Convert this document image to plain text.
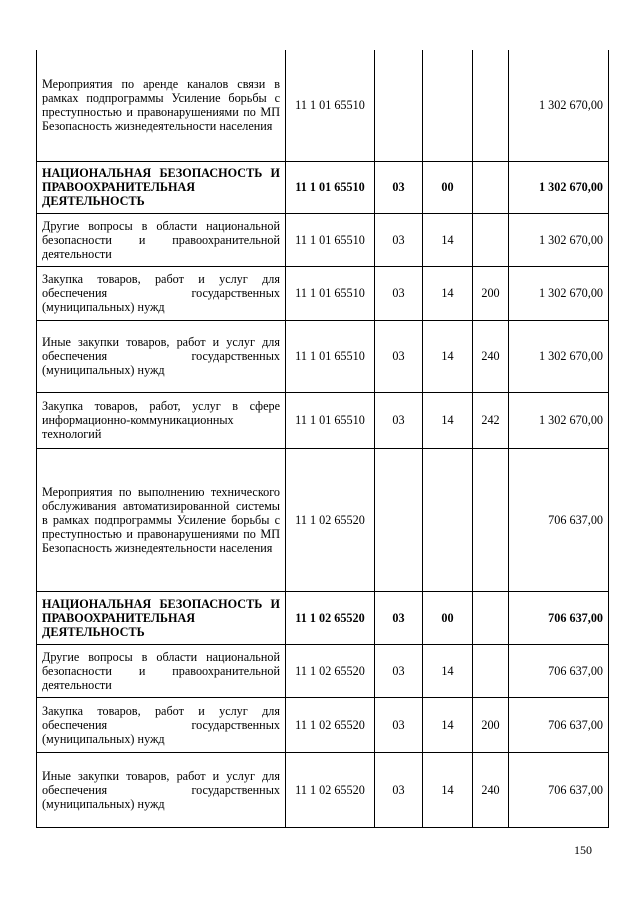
Мероприятия по аренде каналов связи в рамках подпрограммы Усиление борьбы с преступностью и правонарушениями по МП Безопасность жизнедеятельности населения	11 1 01 65510				1 302 670,00
НАЦИОНАЛЬНАЯ БЕЗОПАСНОСТЬ И ПРАВООХРАНИТЕЛЬНАЯ ДЕЯТЕЛЬНОСТЬ	11 1 01 65510	03	00		1 302 670,00
Другие вопросы в области национальной безопасности и правоохранительной деятельности	11 1 01 65510	03	14		1 302 670,00
Закупка товаров, работ и услуг для обеспечения государственных (муниципальных) нужд	11 1 01 65510	03	14	200	1 302 670,00
Иные закупки товаров, работ и услуг для обеспечения государственных (муниципальных) нужд	11 1 01 65510	03	14	240	1 302 670,00
Закупка товаров, работ, услуг в сфере информационно-коммуникационных технологий	11 1 01 65510	03	14	242	1 302 670,00
Мероприятия по выполнению технического обслуживания автоматизированной системы в рамках подпрограммы Усиление борьбы с преступностью и правонарушениями по МП Безопасность жизнедеятельности населения	11 1 02 65520				706 637,00
НАЦИОНАЛЬНАЯ БЕЗОПАСНОСТЬ И ПРАВООХРАНИТЕЛЬНАЯ ДЕЯТЕЛЬНОСТЬ	11 1 02 65520	03	00		706 637,00
Другие вопросы в области национальной безопасности и правоохранительной деятельности	11 1 02 65520	03	14		706 637,00
Закупка товаров, работ и услуг для обеспечения государственных (муниципальных) нужд	11 1 02 65520	03	14	200	706 637,00
Иные закупки товаров, работ и услуг для обеспечения государственных (муниципальных) нужд	11 1 02 65520	03	14	240	706 637,00
150
